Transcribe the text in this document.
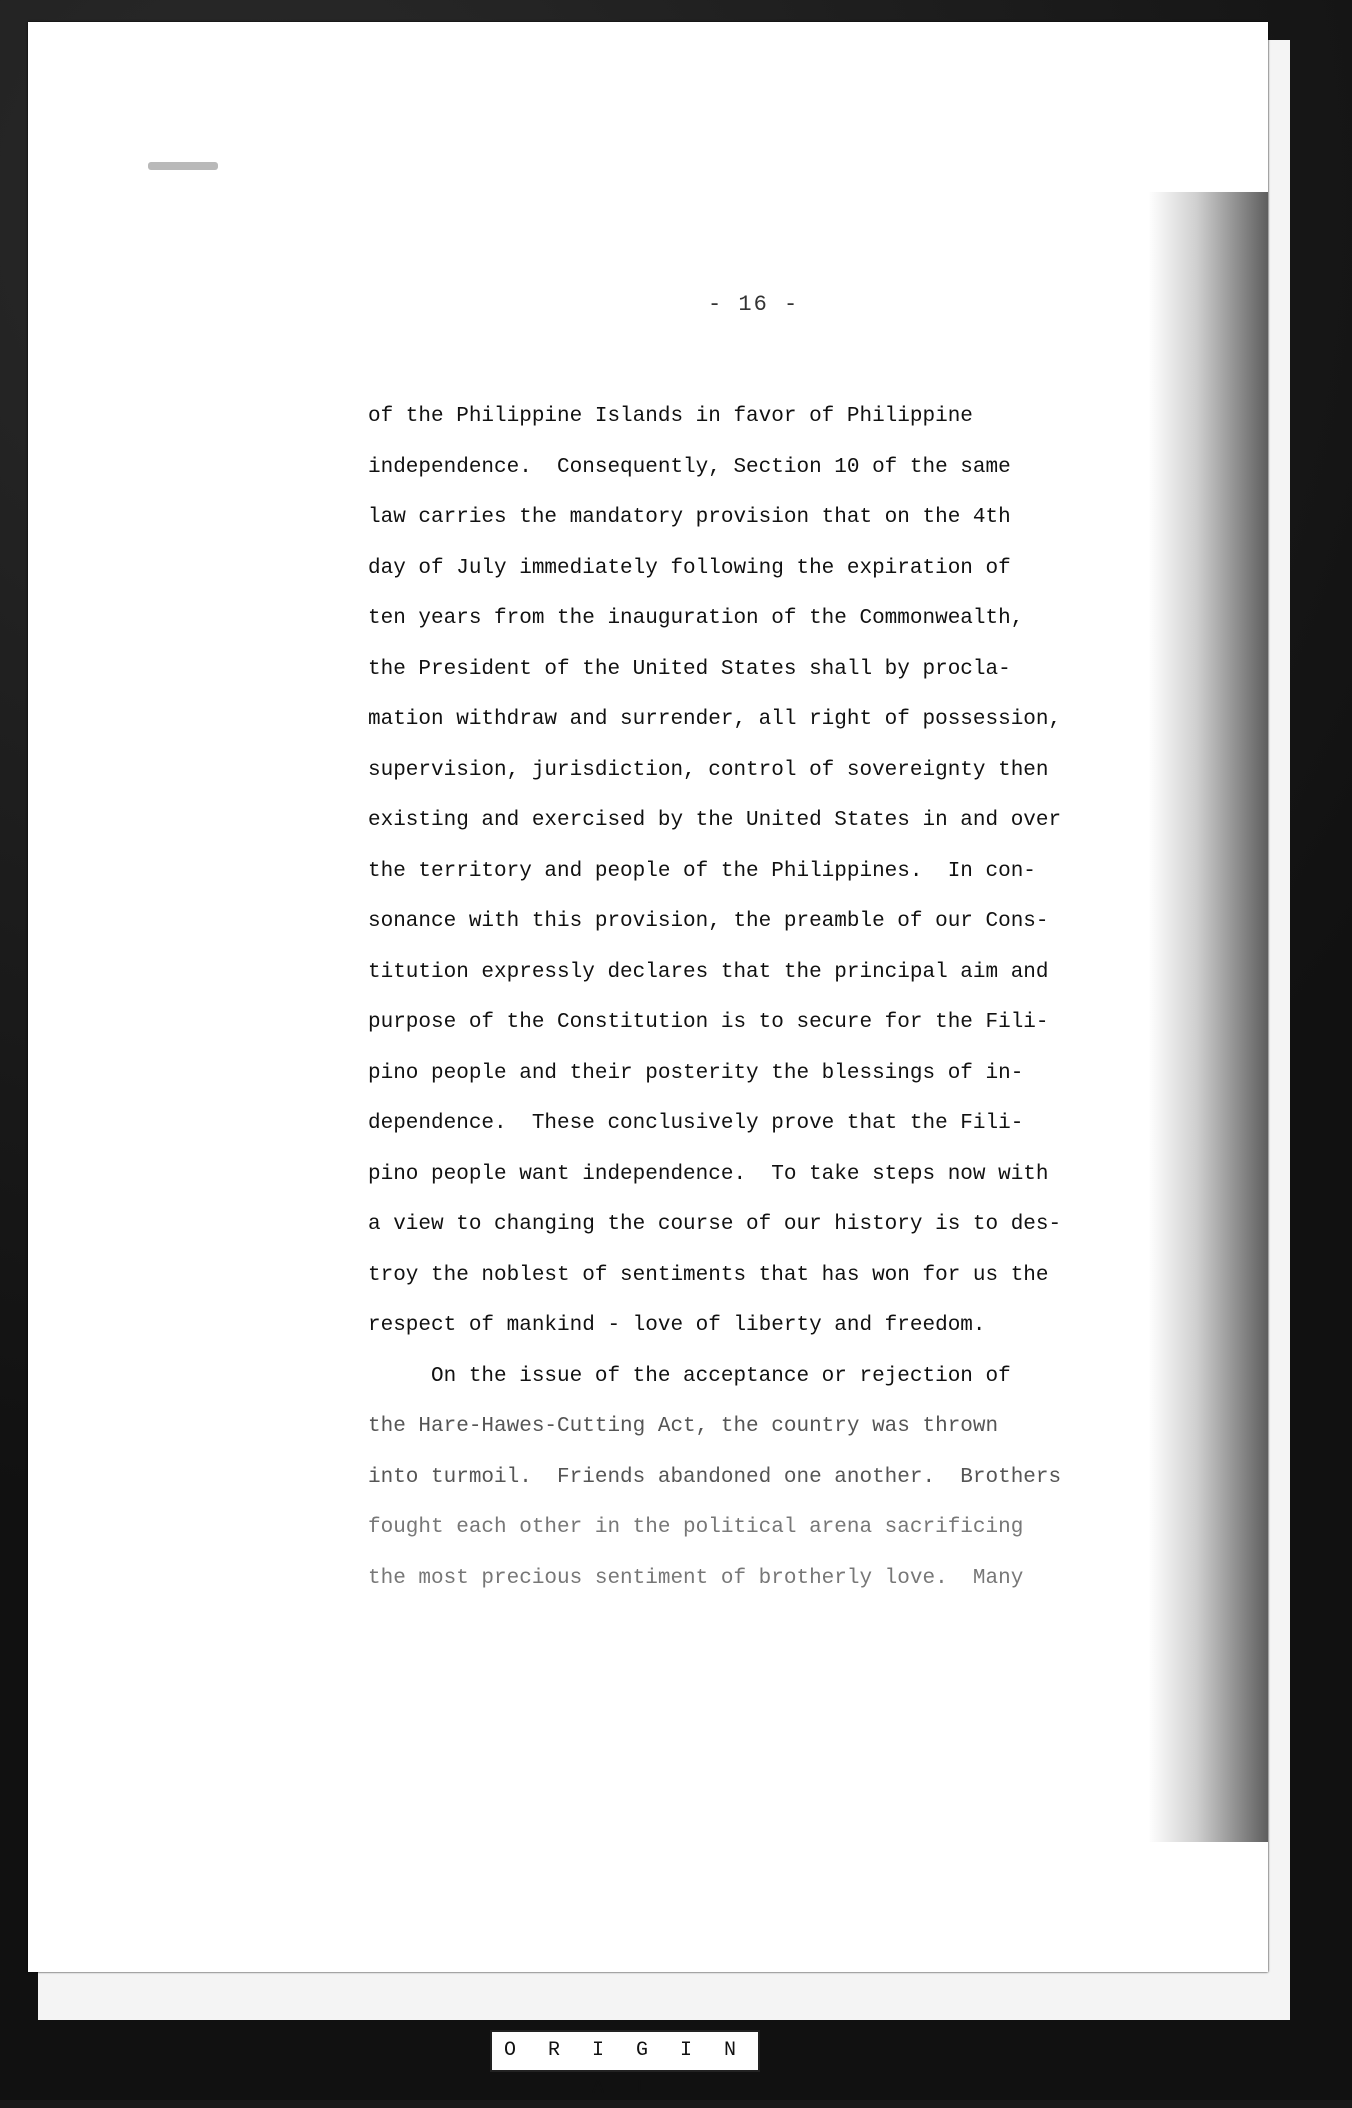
- 16 -
of the Philippine Islands in favor of Philippine
independence.  Consequently, Section 10 of the same
law carries the mandatory provision that on the 4th
day of July immediately following the expiration of
ten years from the inauguration of the Commonwealth,
the President of the United States shall by procla-
mation withdraw and surrender, all right of possession,
supervision, jurisdiction, control of sovereignty then
existing and exercised by the United States in and over
the territory and people of the Philippines.  In con-
sonance with this provision, the preamble of our Cons-
titution expressly declares that the principal aim and
purpose of the Constitution is to secure for the Fili-
pino people and their posterity the blessings of in-
dependence.  These conclusively prove that the Fili-
pino people want independence.  To take steps now with
a view to changing the course of our history is to des-
troy the noblest of sentiments that has won for us the
respect of mankind - love of liberty and freedom.
On the issue of the acceptance or rejection of
the Hare-Hawes-Cutting Act, the country was thrown
into turmoil.  Friends abandoned one another.  Brothers
fought each other in the political arena sacrificing
the most precious sentiment of brotherly love.  Many
O R I G I N A L
